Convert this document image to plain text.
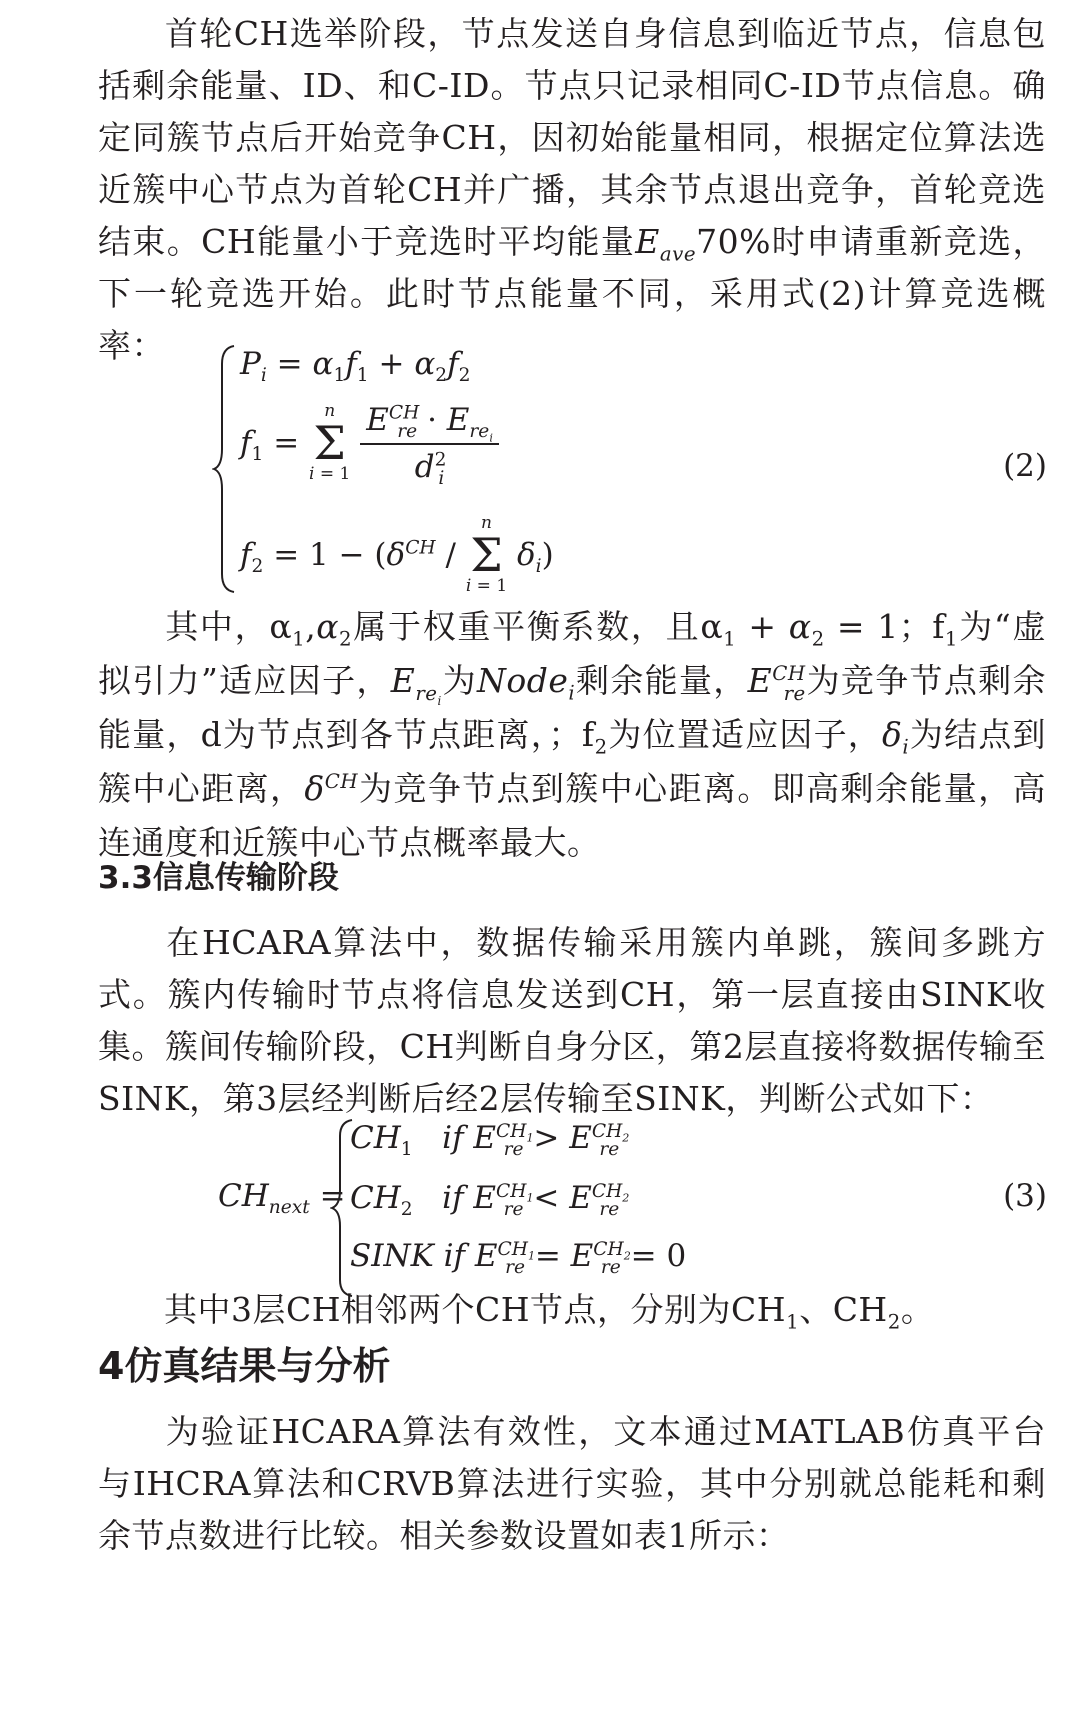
首轮CH选举阶段，节点发送自身信息到临近节点，信息包括剩余能量、ID、和C-ID。节点只记录相同C-ID节点信息。确定同簇节点后开始竞争CH，因初始能量相同，根据定位算法选近簇中心节点为首轮CH并广播，其余节点退出竞争，首轮竞选结束。CH能量小于竞选时平均能量$E_{ave}70\%$时申请重新竞选，下一轮竞选开始。此时节点能量不同，采用式(2)计算竞选概率：	$P_i = \alpha_1f_1 + \alpha_2f_2$
$f_1$ =
n
Σ
i = 1
$\frac{E^{CH}_{re} \cdot E_{re_i}}{d^2_i}$
$f_2 = 1 - (\delta^{CH}$ /
n
Σ
i = 1
$\delta_i$)
(2)
其中，$\alpha_1,\alpha_2$属于权重平衡系数，且$\alpha_1 + \alpha_2 = 1$；$f_1$为“虚拟引力”适应因子，$E_{re_i}$为Node$_i$剩余能量，$E^{CH}_{re}$为竞争节点剩余能量，d为节点到各节点距离，；$f_2$为位置适应因子，$\delta_i$为结点到簇中心距离，$\delta^{CH}$为竞争节点到簇中心距离。即高剩余能量，高连通度和近簇中心节点概率最大。
3.3信息传输阶段
在HCARA算法中，数据传输采用簇内单跳，簇间多跳方式。簇内传输时节点将信息发送到CH，第一层直接由SINK收集。簇间传输阶段，CH判断自身分区，第2层直接将数据传输至SINK，第3层经判断后经2层传输至SINK，判断公式如下：
$CH_{next}$ =
$CH_1$   if $E^{CH_1}_{re} > E^{CH_2}_{re}$
$CH_2$   if $E^{CH_1}_{re} < E^{CH_2}_{re}$
SINK if $E^{CH_1}_{re} = E^{CH_2}_{re} = 0$
(3)
其中3层CH相邻两个CH节点，分别为$CH_1$、$CH_2$。
4仿真结果与分析
为验证HCARA算法有效性，文本通过MATLAB仿真平台与IHCRA算法和CRVB算法进行实验，其中分别就总能耗和剩余节点数进行比较。相关参数设置如表1所示：
